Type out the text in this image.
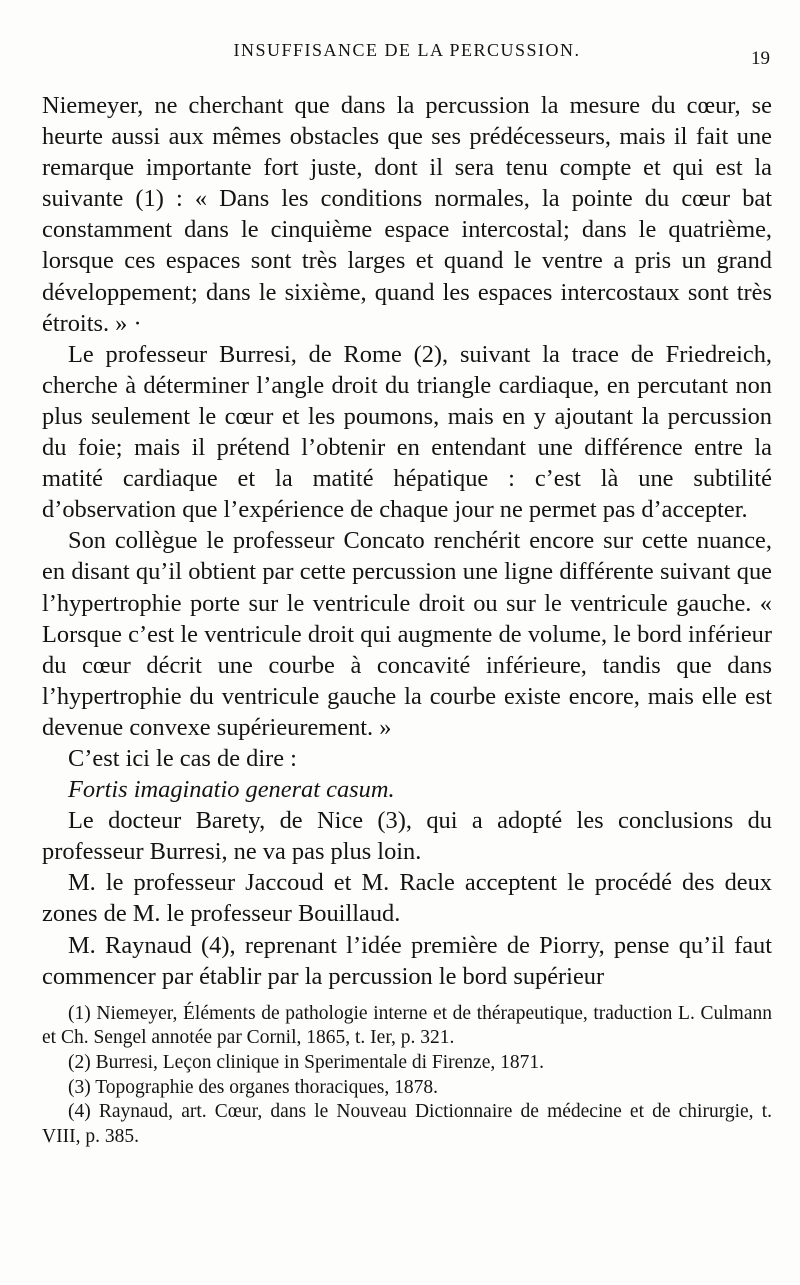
INSUFFISANCE DE LA PERCUSSION.	19

Niemeyer, ne cherchant que dans la percussion la mesure du cœur, se heurte aussi aux mêmes obstacles que ses prédécesseurs, mais il fait une remarque importante fort juste, dont il sera tenu compte et qui est la suivante (1) : « Dans les conditions normales, la pointe du cœur bat constamment dans le cinquième espace intercostal; dans le quatrième, lorsque ces espaces sont très larges et quand le ventre a pris un grand développement; dans le sixième, quand les espaces intercostaux sont très étroits. » ·

Le professeur Burresi, de Rome (2), suivant la trace de Friedreich, cherche à déterminer l’angle droit du triangle cardiaque, en percutant non plus seulement le cœur et les poumons, mais en y ajoutant la percussion du foie; mais il prétend l’obtenir en entendant une différence entre la matité cardiaque et la matité hépatique : c’est là une subtilité d’observation que l’expérience de chaque jour ne permet pas d’accepter.

Son collègue le professeur Concato renchérit encore sur cette nuance, en disant qu’il obtient par cette percussion une ligne différente suivant que l’hypertrophie porte sur le ventricule droit ou sur le ventricule gauche. « Lorsque c’est le ventricule droit qui augmente de volume, le bord inférieur du cœur décrit une courbe à concavité inférieure, tandis que dans l’hypertrophie du ventricule gauche la courbe existe encore, mais elle est devenue convexe supérieurement. »

C’est ici le cas de dire :

Fortis imaginatio generat casum.

Le docteur Barety, de Nice (3), qui a adopté les conclusions du professeur Burresi, ne va pas plus loin.

M. le professeur Jaccoud et M. Racle acceptent le procédé des deux zones de M. le professeur Bouillaud.

M. Raynaud (4), reprenant l’idée première de Piorry, pense qu’il faut commencer par établir par la percussion le bord supérieur

(1) Niemeyer, Éléments de pathologie interne et de thérapeutique, traduction L. Culmann et Ch. Sengel annotée par Cornil, 1865, t. Ier, p. 321.

(2) Burresi, Leçon clinique in Sperimentale di Firenze, 1871.

(3) Topographie des organes thoraciques, 1878.

(4) Raynaud, art. Cœur, dans le Nouveau Dictionnaire de médecine et de chirurgie, t. VIII, p. 385.
